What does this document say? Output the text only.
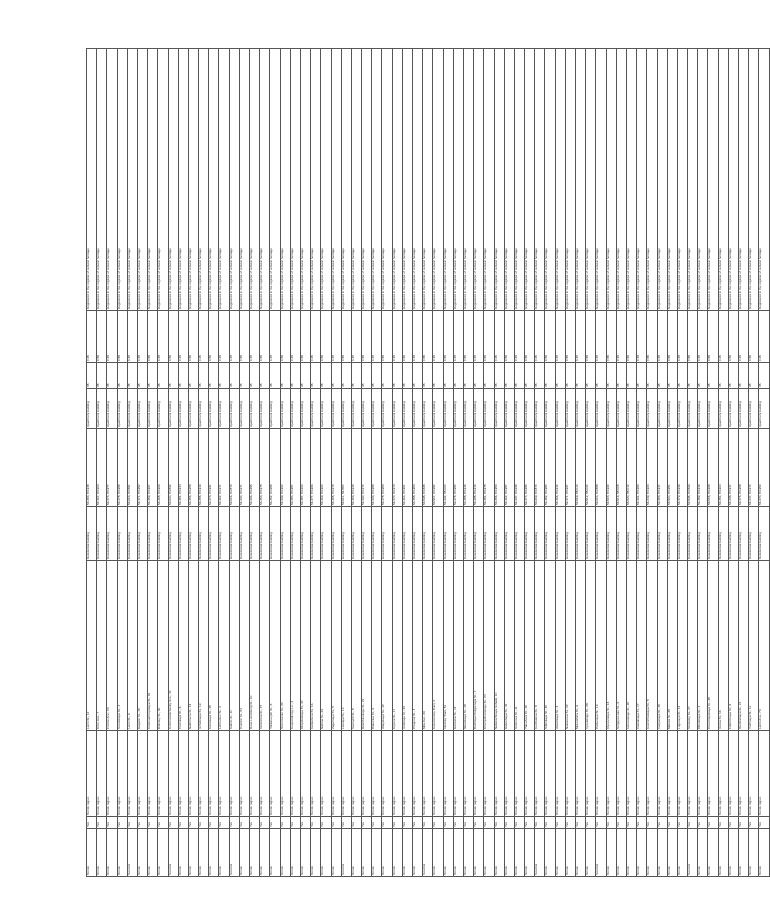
Tomsk	Yes	Tomsk region	Lenin St., 12	Residential building	56.484, 84.948	Apartment building	35	0.45	Registered in the register of cultural heritage
Tomsk	Yes	Tomsk region	Kirov Ave., 7	Residential building	56.467, 84.963	Apartment building	35	0.55	Registered in the register of cultural heritage
Tomsk	Yes	Tomsk region	Frunze Ave., 23	Residential building	56.474, 84.977	Apartment building	35	0.45	Registered in the register of cultural heritage
Tomsk	Yes	Tomsk region	Sovetskaya St., 4	Residential building	56.478, 84.955	Apartment building	35	0.55	Registered in the register of cultural heritage
Seversk	Yes	Tomsk region	Lenin St., 9	Residential building	56.603, 84.881	Apartment building	35	0.45	Registered in the register of cultural heritage
Tomsk	Yes	Tomsk region	Gagarin St., 15	Residential building	56.471, 84.952	Apartment building	35	0.45	Registered in the register of cultural heritage
Tomsk	Yes	Tomsk region	Krasnoarmeyskaya St., 61	Residential building	56.459, 84.967	Apartment building	35	0.55	Registered in the register of cultural heritage
Tomsk	Yes	Tomsk region	Belinsky St., 30	Residential building	56.468, 84.969	Apartment building	35	0.45	Registered in the register of cultural heritage
Seversk	Yes	Tomsk region	Kommunisticheskiy Ave., 44	Residential building	56.600, 84.890	Apartment building	35	0.55	Registered in the register of cultural heritage
Tomsk	Yes	Tomsk region	Tverskaya St., 8	Residential building	56.481, 84.944	Apartment building	35	0.45	Registered in the register of cultural heritage
Tomsk	Yes	Tomsk region	Nakhimova St., 13	Residential building	56.456, 84.958	Apartment building	35	0.55	Registered in the register of cultural heritage
Tomsk	Yes	Tomsk region	Uchebnaya St., 19	Residential building	56.455, 84.949	Apartment building	35	0.45	Registered in the register of cultural heritage
Tomsk	Yes	Tomsk region	Kievskaya St., 25	Residential building	56.473, 84.991	Apartment building	35	0.55	Registered in the register of cultural heritage
Tomsk	Yes	Tomsk region	Lermontov St., 3	Residential building	56.462, 84.971	Apartment building	35	0.45	Registered in the register of cultural heritage
Seversk	Yes	Tomsk region	Kalinin St., 11	Residential building	56.606, 84.876	Apartment building	35	0.45	Registered in the register of cultural heritage
Tomsk	Yes	Tomsk region	Pushkin St., 54	Residential building	56.494, 84.971	Apartment building	35	0.55	Registered in the register of cultural heritage
Tomsk	Yes	Tomsk region	Rosa Luxemburg St., 10	Residential building	56.496, 84.955	Apartment building	35	0.45	Registered in the register of cultural heritage
Tomsk	Yes	Tomsk region	Vershinina St., 27	Residential building	56.453, 84.975	Apartment building	35	0.55	Registered in the register of cultural heritage
Tomsk	Yes	Tomsk region	Yelizarovykh St., 6	Residential building	56.452, 84.985	Apartment building	35	0.45	Registered in the register of cultural heritage
Tomsk	Yes	Tomsk region	Shevchenko St., 20	Residential building	56.499, 84.962	Apartment building	35	0.55	Registered in the register of cultural heritage
Tomsk	Yes	Tomsk region	Kooperativnyy Ln., 2	Residential building	56.484, 84.957	Apartment building	35	0.45	Registered in the register of cultural heritage
Tomsk	Yes	Tomsk region	Oktyabrskaya St., 37	Residential building	56.487, 84.962	Apartment building	35	0.55	Registered in the register of cultural heritage
Tomsk	Yes	Tomsk region	Kartashova St., 16	Residential building	56.477, 84.966	Apartment building	35	0.45	Registered in the register of cultural heritage
Tomsk	Yes	Tomsk region	Nikitina St., 29	Residential building	56.469, 84.960	Apartment building	35	0.55	Registered in the register of cultural heritage
Tomsk	Yes	Tomsk region	Zagornaya St., 5	Residential building	56.465, 84.979	Apartment building	35	0.45	Registered in the register of cultural heritage
Seversk	Yes	Tomsk region	Lesnaya St., 14	Residential building	56.611, 84.884	Apartment building	35	0.55	Registered in the register of cultural heritage
Tomsk	Yes	Tomsk region	Savinykh St., 8	Residential building	56.463, 84.949	Apartment building	35	0.45	Registered in the register of cultural heritage
Tomsk	Yes	Tomsk region	Dzerzhinskogo St., 21	Residential building	56.490, 84.970	Apartment building	35	0.55	Registered in the register of cultural heritage
Tomsk	Yes	Tomsk region	Bakunina St., 9	Residential building	56.493, 84.958	Apartment building	35	0.45	Registered in the register of cultural heritage
Tomsk	Yes	Tomsk region	Altayskaya St., 42	Residential building	56.478, 84.983	Apartment building	35	0.55	Registered in the register of cultural heritage
Tomsk	Yes	Tomsk region	Krylova St., 17	Residential building	56.470, 84.973	Apartment building	35	0.45	Registered in the register of cultural heritage
Tomsk	Yes	Tomsk region	Uritskogo St., 33	Residential building	56.464, 84.961	Apartment building	35	0.55	Registered in the register of cultural heritage
Tomsk	Yes	Tomsk region	Pirogova St., 4	Residential building	56.458, 84.953	Apartment building	35	0.45	Registered in the register of cultural heritage
Seversk	Yes	Tomsk region	Mira Ave., 26	Residential building	56.598, 84.895	Apartment building	35	0.55	Registered in the register of cultural heritage
Tomsk	Yes	Tomsk region	Kuzovlevskiy Tract, 2	Residential building	56.507, 84.982	Apartment building	35	0.45	Registered in the register of cultural heritage
Tomsk	Yes	Tomsk region	Irkutskiy Tract, 51	Residential building	56.492, 85.002	Apartment building	35	0.55	Registered in the register of cultural heritage
Tomsk	Yes	Tomsk region	Gertsena St., 12	Residential building	56.476, 84.950	Apartment building	35	0.45	Registered in the register of cultural heritage
Tomsk	Yes	Tomsk region	Tatarskaya St., 18	Residential building	56.488, 84.946	Apartment building	35	0.55	Registered in the register of cultural heritage
Tomsk	Yes	Tomsk region	Bolshaya Podgornaya St., 7	Residential building	56.495, 84.943	Apartment building	35	0.45	Registered in the register of cultural heritage
Tomsk	Yes	Tomsk region	Chernyshevskogo St., 24	Residential building	56.481, 84.975	Apartment building	35	0.55	Registered in the register of cultural heritage
Tomsk	Yes	Tomsk region	Naberezhnaya Ushaiki, 10	Residential building	56.486, 84.953	Apartment building	35	0.45	Registered in the register of cultural heritage
Tomsk	Yes	Tomsk region	Rabochaya St., 31	Residential building	56.462, 84.987	Apartment building	35	0.55	Registered in the register of cultural heritage
Tomsk	Yes	Tomsk region	Smirnova St., 11	Residential building	56.497, 84.998	Apartment building	35	0.45	Registered in the register of cultural heritage
Tomsk	Yes	Tomsk region	Yakovleva St., 15	Residential building	56.474, 84.986	Apartment building	35	0.55	Registered in the register of cultural heritage
Seversk	Yes	Tomsk region	Kurchatova St., 8	Residential building	56.609, 84.870	Apartment building	35	0.45	Registered in the register of cultural heritage
Tomsk	Yes	Tomsk region	Sibirskaya St., 40	Residential building	56.482, 84.980	Apartment building	35	0.55	Registered in the register of cultural heritage
Tomsk	Yes	Tomsk region	Aleutskaya St., 3	Residential building	56.466, 84.940	Apartment building	35	0.45	Registered in the register of cultural heritage
Tomsk	Yes	Tomsk region	Nekrasova St., 22	Residential building	56.471, 84.997	Apartment building	35	0.55	Registered in the register of cultural heritage
Tomsk	Yes	Tomsk region	Mokrushina St., 9	Residential building	56.509, 85.010	Apartment building	35	0.45	Registered in the register of cultural heritage
Tomsk	Yes	Tomsk region	Vysotskogo St., 28	Residential building	56.512, 85.020	Apartment building	35	0.55	Registered in the register of cultural heritage
Seversk	Yes	Tomsk region	Parkovaya St., 19	Residential building	56.604, 84.888	Apartment building	35	0.45	Registered in the register of cultural heritage
Tomsk	Yes	Tomsk region	Klyuevskaya St., 13	Residential building	56.503, 84.990	Apartment building	35	0.55	Registered in the register of cultural heritage
Tomsk	Yes	Tomsk region	Sergeya Lazo St., 6	Residential building	56.516, 85.005	Apartment building	35	0.45	Registered in the register of cultural heritage
Tomsk	Yes	Tomsk region	Ivanovskogo St., 20	Residential building	56.520, 85.012	Apartment building	35	0.55	Registered in the register of cultural heritage
Tomsk	Yes	Tomsk region	Vokzalnaya St., 17	Residential building	56.491, 84.989	Apartment building	35	0.45	Registered in the register of cultural heritage
Tomsk	Yes	Tomsk region	Kosmicheskaya St., 5	Residential building	56.449, 84.993	Apartment building	35	0.55	Registered in the register of cultural heritage
Tomsk	Yes	Tomsk region	Vodyanaya St., 30	Residential building	56.483, 84.947	Apartment building	35	0.45	Registered in the register of cultural heritage
Tomsk	Yes	Tomsk region	Marksa St., 25	Residential building	56.500, 84.951	Apartment building	35	0.55	Registered in the register of cultural heritage
Tomsk	Yes	Tomsk region	Lugovaya St., 14	Residential building	56.479, 84.939	Apartment building	35	0.45	Registered in the register of cultural heritage
Seversk	Yes	Tomsk region	Stroiteley St., 27	Residential building	56.595, 84.899	Apartment building	35	0.55	Registered in the register of cultural heritage
Tomsk	Yes	Tomsk region	Obrubnaya St., 4	Residential building	56.489, 84.949	Apartment building	35	0.45	Registered in the register of cultural heritage
Tomsk	Yes	Tomsk region	Pervomayskaya St., 38	Residential building	56.505, 84.968	Apartment building	35	0.55	Registered in the register of cultural heritage
Tomsk	Yes	Tomsk region	Usova St., 16	Residential building	56.451, 84.964	Apartment building	35	0.45	Registered in the register of cultural heritage
Tomsk	Yes	Tomsk region	Fabrichnaya St., 9	Residential building	56.498, 84.947	Apartment building	35	0.55	Registered in the register of cultural heritage
Tomsk	Yes	Tomsk region	Tsentralnaya St., 21	Residential building	56.476, 84.958	Apartment building	35	0.45	Registered in the register of cultural heritage
Tomsk	Yes	Tomsk region	Yuzhnaya St., 11	Residential building	56.447, 84.970	Apartment building	35	0.55	Registered in the register of cultural heritage
Tomsk	Yes	Tomsk region	Lenin Ave., 73	Residential building	56.470, 84.950	Apartment building	35	0.45	Registered in the register of cultural heritage
